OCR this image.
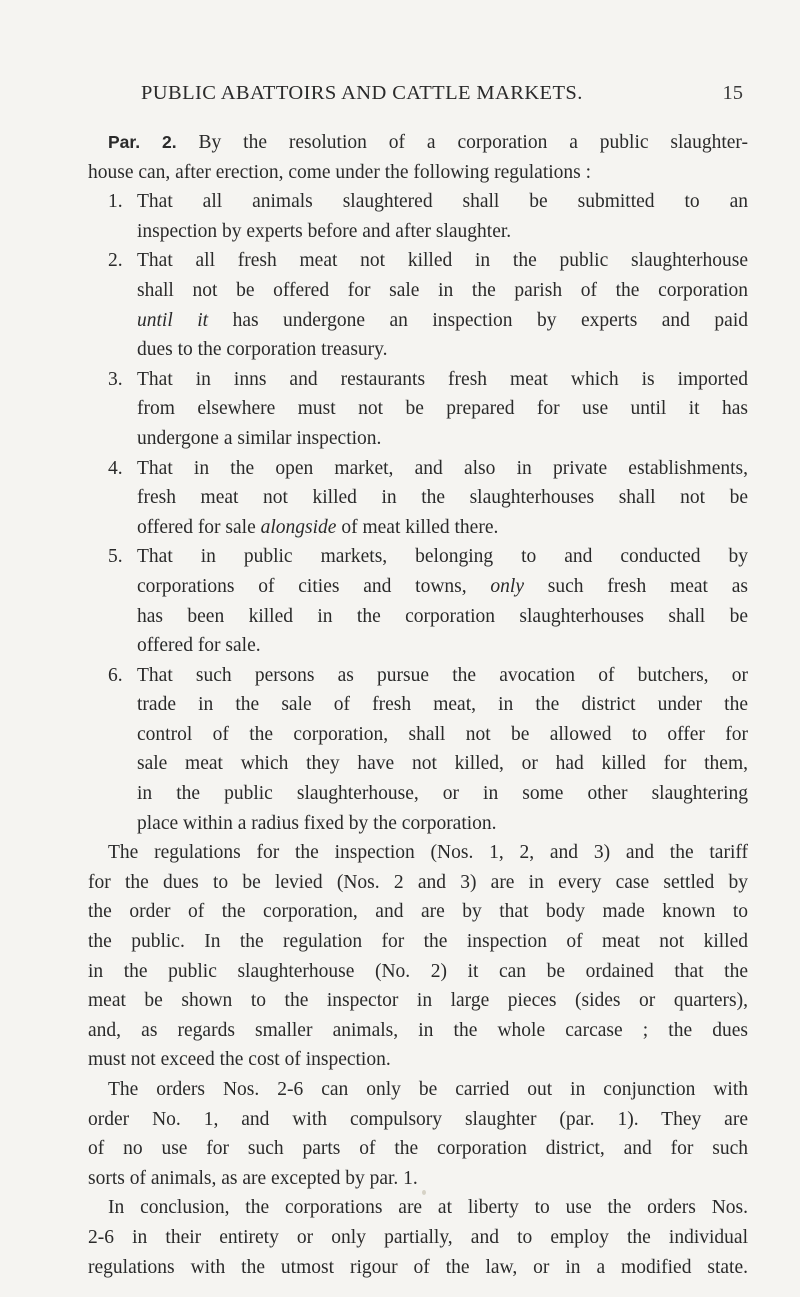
PUBLIC ABATTOIRS AND CATTLE MARKETS.	15
Par. 2. By the resolution of a corporation a public slaughter-
house can, after erection, come under the following regulations :
1. That all animals slaughtered shall be submitted to an
inspection by experts before and after slaughter.
2. That all fresh meat not killed in the public slaughterhouse
shall not be offered for sale in the parish of the corporation
until it has undergone an inspection by experts and paid
dues to the corporation treasury.
3. That in inns and restaurants fresh meat which is imported
from elsewhere must not be prepared for use until it has
undergone a similar inspection.
4. That in the open market, and also in private establishments,
fresh meat not killed in the slaughterhouses shall not be
offered for sale alongside of meat killed there.
5. That in public markets, belonging to and conducted by
corporations of cities and towns, only such fresh meat as
has been killed in the corporation slaughterhouses shall be
offered for sale.
6. That such persons as pursue the avocation of butchers, or
trade in the sale of fresh meat, in the district under the
control of the corporation, shall not be allowed to offer for
sale meat which they have not killed, or had killed for them,
in the public slaughterhouse, or in some other slaughtering
place within a radius fixed by the corporation.
The regulations for the inspection (Nos. 1, 2, and 3) and the tariff
for the dues to be levied (Nos. 2 and 3) are in every case settled by
the order of the corporation, and are by that body made known to
the public. In the regulation for the inspection of meat not killed
in the public slaughterhouse (No. 2) it can be ordained that the
meat be shown to the inspector in large pieces (sides or quarters),
and, as regards smaller animals, in the whole carcase ; the dues
must not exceed the cost of inspection.
The orders Nos. 2-6 can only be carried out in conjunction with
order No. 1, and with compulsory slaughter (par. 1). They are
of no use for such parts of the corporation district, and for such
sorts of animals, as are excepted by par. 1.
In conclusion, the corporations are at liberty to use the orders Nos.
2-6 in their entirety or only partially, and to employ the individual
regulations with the utmost rigour of the law, or in a modified state.
